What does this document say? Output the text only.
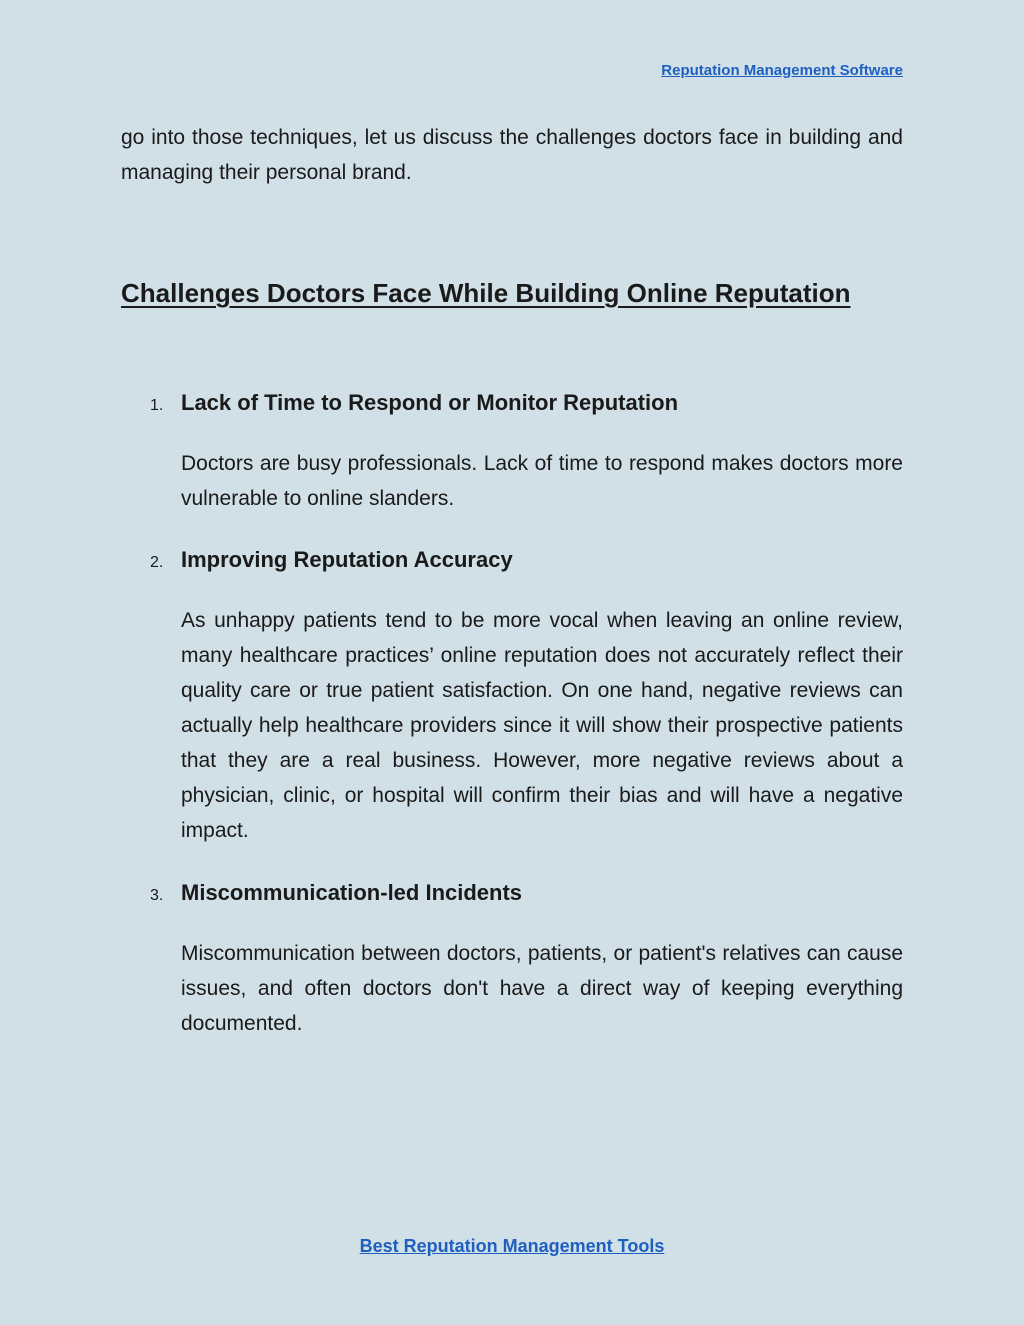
Reputation Management Software

go into those techniques, let us discuss the challenges doctors face in building and managing their personal brand.

Challenges Doctors Face While Building Online Reputation
1. Lack of Time to Respond or Monitor Reputation

Doctors are busy professionals. Lack of time to respond makes doctors more vulnerable to online slanders.

2. Improving Reputation Accuracy

As unhappy patients tend to be more vocal when leaving an online review, many healthcare practices’ online reputation does not accurately reflect their quality care or true patient satisfaction. On one hand, negative reviews can actually help healthcare providers since it will show their prospective patients that they are a real business. However, more negative reviews about a physician, clinic, or hospital will confirm their bias and will have a negative impact.

3. Miscommunication-led Incidents

Miscommunication between doctors, patients, or patient's relatives can cause issues, and often doctors don't have a direct way of keeping everything documented.

Best Reputation Management Tools
